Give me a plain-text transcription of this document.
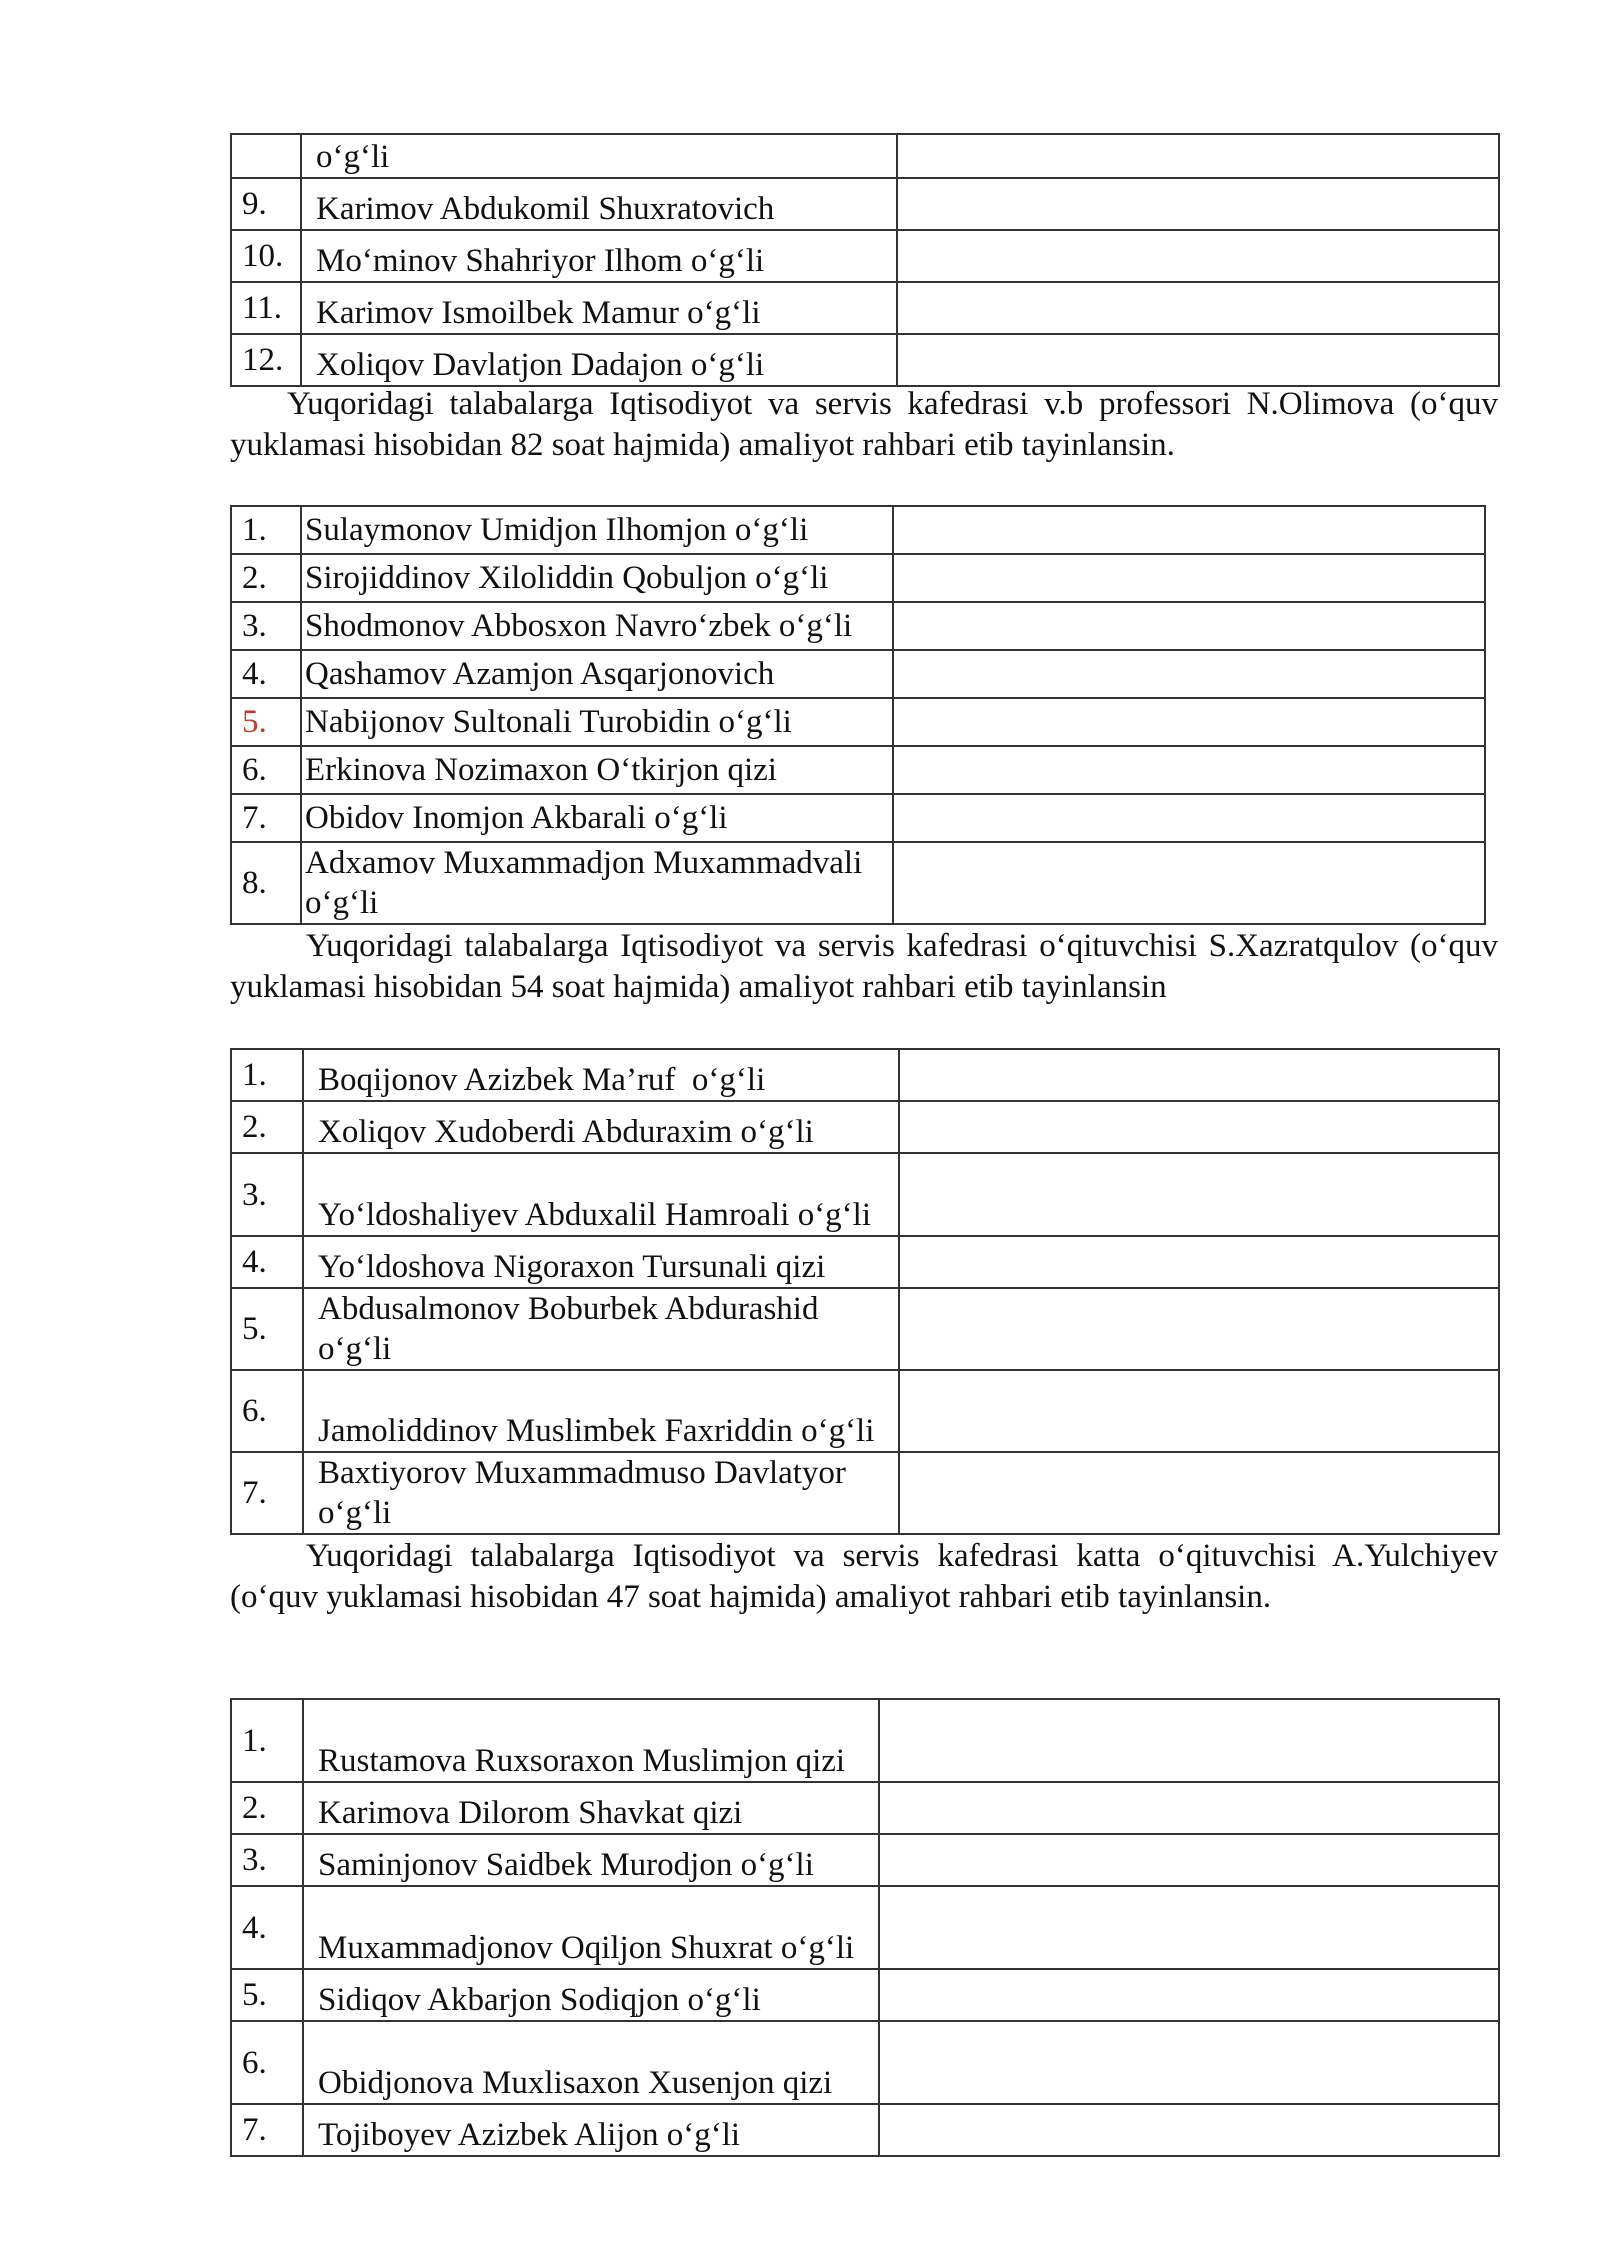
	o‘g‘li	
9.	Karimov Abdukomil Shuxratovich	
10.	Mo‘minov Shahriyor Ilhom o‘g‘li	
11.	Karimov Ismoilbek Mamur o‘g‘li	
12.	Xoliqov Davlatjon Dadajon o‘g‘li	

Yuqoridagi talabalarga Iqtisodiyot va servis kafedrasi v.b professori N.Olimova (o‘quv yuklamasi hisobidan 82 soat hajmida) amaliyot rahbari etib tayinlansin.

1.	Sulaymonov Umidjon Ilhomjon o‘g‘li	
2.	Sirojiddinov Xiloliddin Qobuljon o‘g‘li	
3.	Shodmonov Abbosxon Navro‘zbek o‘g‘li	
4.	Qashamov Azamjon Asqarjonovich	
5.	Nabijonov Sultonali Turobidin o‘g‘li	
6.	Erkinova Nozimaxon O‘tkirjon qizi	
7.	Obidov Inomjon Akbarali o‘g‘li	
8.	Adxamov Muxammadjon Muxammadvali o‘g‘li	

Yuqoridagi talabalarga Iqtisodiyot va servis kafedrasi o‘qituvchisi S.Xazratqulov (o‘quv yuklamasi hisobidan 54 soat hajmida) amaliyot rahbari etib tayinlansin

1.	Boqijonov Azizbek Ma’ruf  o‘g‘li	
2.	Xoliqov Xudoberdi Abduraxim o‘g‘li	
3.	Yo‘ldoshaliyev Abduxalil Hamroali o‘g‘li	
4.	Yo‘ldoshova Nigoraxon Tursunali qizi	
5.	Abdusalmonov Boburbek Abdurashid o‘g‘li	
6.	Jamoliddinov Muslimbek Faxriddin o‘g‘li	
7.	Baxtiyorov Muxammadmuso Davlatyor o‘g‘li	

Yuqoridagi talabalarga Iqtisodiyot va servis kafedrasi katta o‘qituvchisi A.Yulchiyev  (o‘quv yuklamasi hisobidan 47 soat hajmida) amaliyot rahbari etib tayinlansin.

1.	Rustamova Ruxsoraxon Muslimjon qizi	
2.	Karimova Dilorom Shavkat qizi	
3.	Saminjonov Saidbek Murodjon o‘g‘li	
4.	Muxammadjonov Oqiljon Shuxrat o‘g‘li	
5.	Sidiqov Akbarjon Sodiqjon o‘g‘li	
6.	Obidjonova Muxlisaxon Xusenjon qizi	
7.	Tojiboyev Azizbek Alijon o‘g‘li	
